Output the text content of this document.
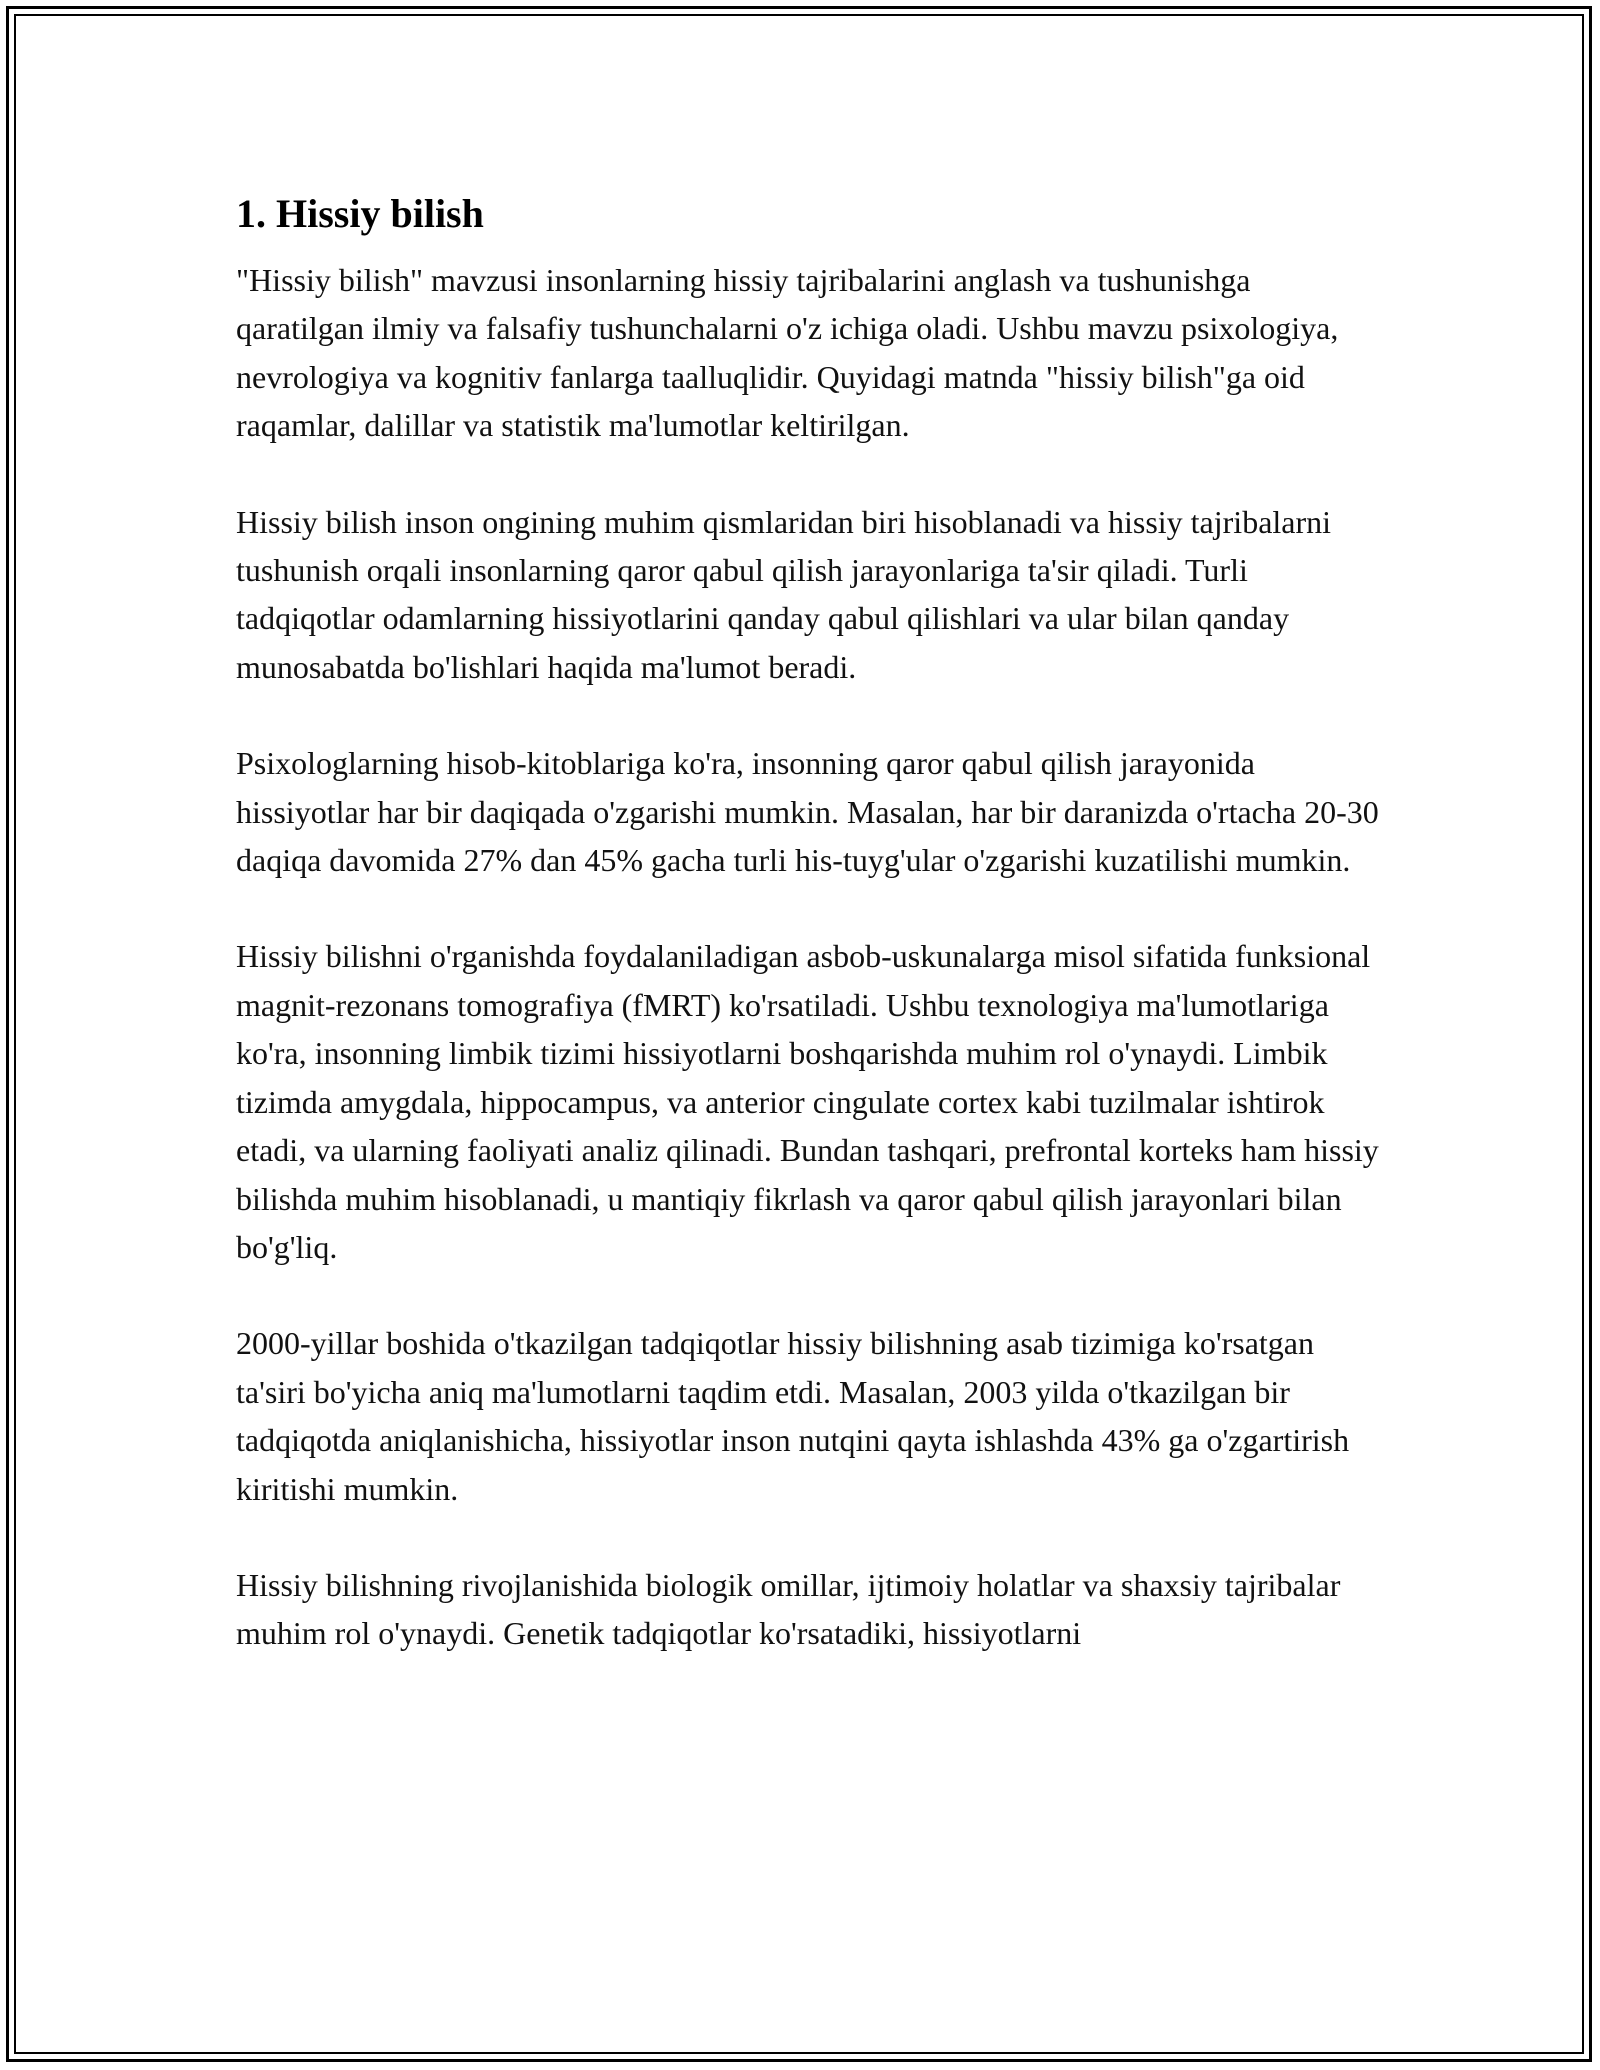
1. Hissiy bilish

"Hissiy bilish" mavzusi insonlarning hissiy tajribalarini anglash va tushunishga qaratilgan ilmiy va falsafiy tushunchalarni o'z ichiga oladi. Ushbu mavzu psixologiya, nevrologiya va kognitiv fanlarga taalluqlidir. Quyidagi matnda "hissiy bilish"ga oid raqamlar, dalillar va statistik ma'lumotlar keltirilgan.

Hissiy bilish inson ongining muhim qismlaridan biri hisoblanadi va hissiy tajribalarni tushunish orqali insonlarning qaror qabul qilish jarayonlariga ta'sir qiladi. Turli tadqiqotlar odamlarning hissiyotlarini qanday qabul qilishlari va ular bilan qanday munosabatda bo'lishlari haqida ma'lumot beradi.

Psixologlarning hisob-kitoblariga ko'ra, insonning qaror qabul qilish jarayonida hissiyotlar har bir daqiqada o'zgarishi mumkin. Masalan, har bir daranizda o'rtacha 20-30 daqiqa davomida 27% dan 45% gacha turli his-tuyg'ular o'zgarishi kuzatilishi mumkin.

Hissiy bilishni o'rganishda foydalaniladigan asbob-uskunalarga misol sifatida funksional magnit-rezonans tomografiya (fMRT) ko'rsatiladi. Ushbu texnologiya ma'lumotlariga ko'ra, insonning limbik tizimi hissiyotlarni boshqarishda muhim rol o'ynaydi. Limbik tizimda amygdala, hippocampus, va anterior cingulate cortex kabi tuzilmalar ishtirok etadi, va ularning faoliyati analiz qilinadi. Bundan tashqari, prefrontal korteks ham hissiy bilishda muhim hisoblanadi, u mantiqiy fikrlash va qaror qabul qilish jarayonlari bilan bo'g'liq.

2000-yillar boshida o'tkazilgan tadqiqotlar hissiy bilishning asab tizimiga ko'rsatgan ta'siri bo'yicha aniq ma'lumotlarni taqdim etdi. Masalan, 2003 yilda o'tkazilgan bir tadqiqotda aniqlanishicha, hissiyotlar inson nutqini qayta ishlashda 43% ga o'zgartirish kiritishi mumkin.

Hissiy bilishning rivojlanishida biologik omillar, ijtimoiy holatlar va shaxsiy tajribalar muhim rol o'ynaydi. Genetik tadqiqotlar ko'rsatadiki, hissiyotlarni
